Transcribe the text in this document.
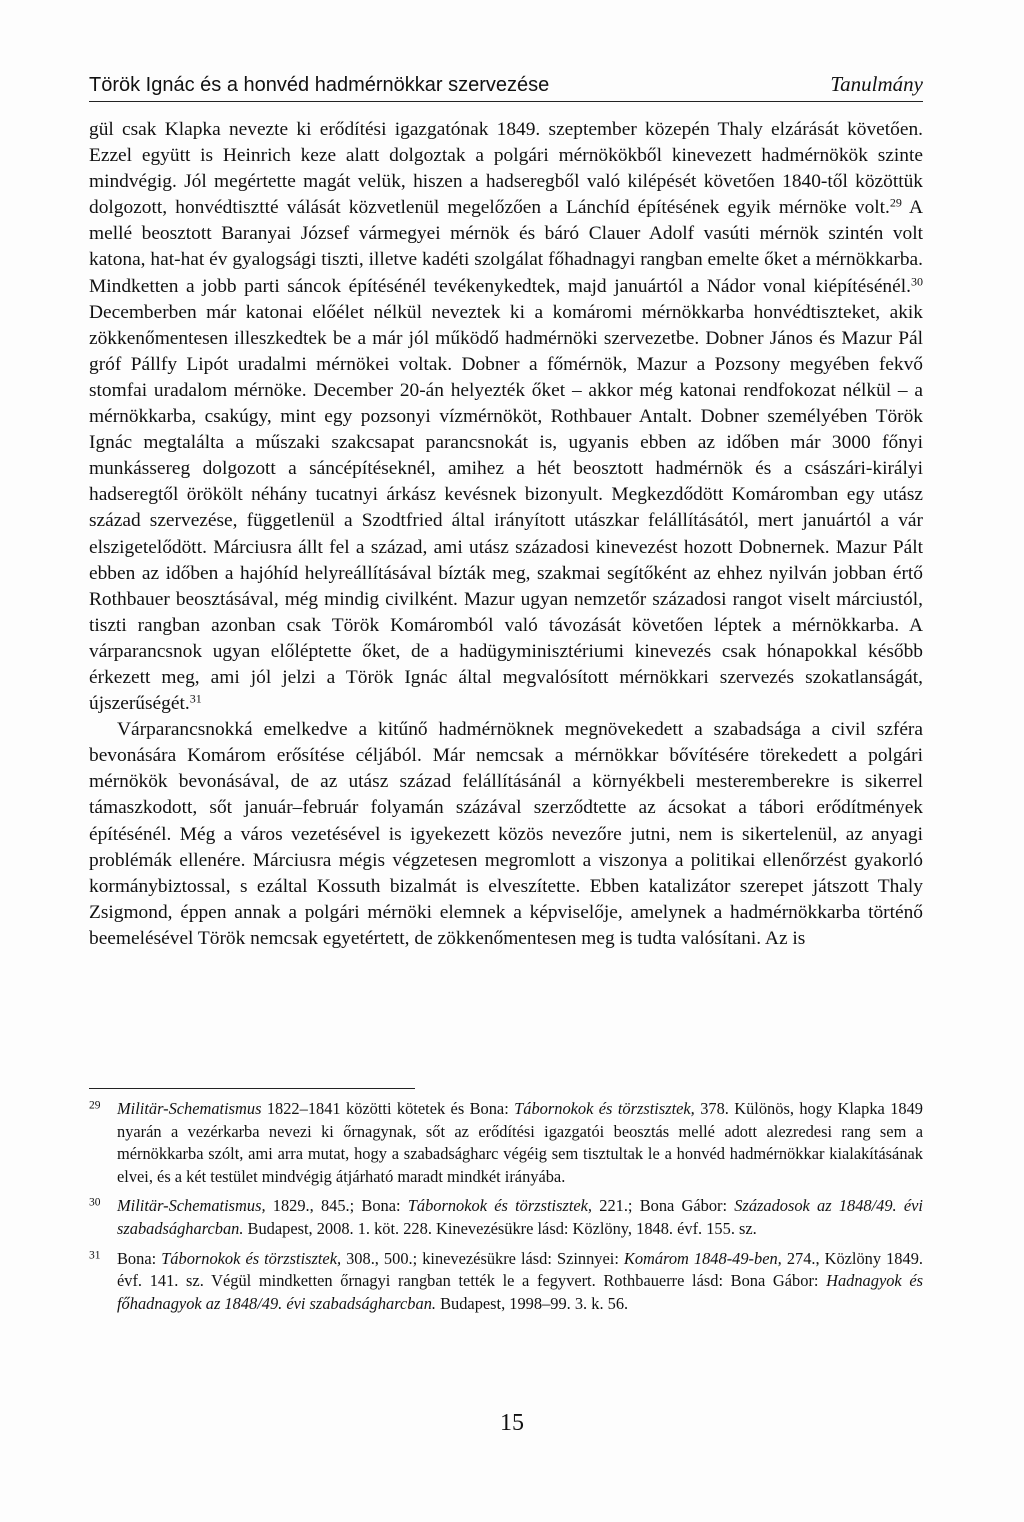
Török Ignác és a honvéd hadmérnökkar szervezése	Tanulmány

gül csak Klapka nevezte ki erődítési igazgatónak 1849. szeptember közepén Thaly elzárását követően. Ezzel együtt is Heinrich keze alatt dolgoztak a polgári mérnökökből kinevezett hadmérnökök szinte mindvégig. Jól megértette magát velük, hiszen a hadseregből való kilépését követően 1840-től közöttük dolgozott, honvédtisztté válását közvetlenül megelőzően a Lánchíd építésének egyik mérnöke volt.$^{29}$ A mellé beosztott Baranyai József vármegyei mérnök és báró Clauer Adolf vasúti mérnök szintén volt katona, hat-hat év gyalogsági tiszti, illetve kadéti szolgálat főhadnagyi rangban emelte őket a mérnökkarba. Mindketten a jobb parti sáncok építésénél tevékenykedtek, majd januártól a Nádor vonal kiépítésénél.$^{30}$ Decemberben már katonai előélet nélkül neveztek ki a komáromi mérnökkarba honvédtiszteket, akik zökkenőmentesen illeszkedtek be a már jól működő hadmérnöki szervezetbe. Dobner János és Mazur Pál gróf Pállfy Lipót uradalmi mérnökei voltak. Dobner a főmérnök, Mazur a Pozsony megyében fekvő stomfai uradalom mérnöke. December 20-án helyezték őket – akkor még katonai rendfokozat nélkül – a mérnökkarba, csakúgy, mint egy pozsonyi vízmérnököt, Rothbauer Antalt. Dobner személyében Török Ignác megtalálta a műszaki szakcsapat parancsnokát is, ugyanis ebben az időben már 3000 főnyi munkássereg dolgozott a sáncépítéseknél, amihez a hét beosztott hadmérnök és a császári-királyi hadseregtől örökölt néhány tucatnyi árkász kevésnek bizonyult. Megkezdődött Komáromban egy utász század szervezése, függetlenül a Szodtfried által irányított utászkar felállításától, mert januártól a vár elszigetelődött. Márciusra állt fel a század, ami utász századosi kinevezést hozott Dobnernek. Mazur Pált ebben az időben a hajóhíd helyreállításával bízták meg, szakmai segítőként az ehhez nyilván jobban értő Rothbauer beosztásával, még mindig civilként. Mazur ugyan nemzetőr századosi rangot viselt márciustól, tiszti rangban azonban csak Török Komáromból való távozását követően léptek a mérnökkarba. A várparancsnok ugyan előléptette őket, de a hadügyminisztériumi kinevezés csak hónapokkal később érkezett meg, ami jól jelzi a Török Ignác által megvalósított mérnökkari szervezés szokatlanságát, újszerűségét.$^{31}$

Várparancsnokká emelkedve a kitűnő hadmérnöknek megnövekedett a szabadsága a civil szféra bevonására Komárom erősítése céljából. Már nemcsak a mérnökkar bővítésére törekedett a polgári mérnökök bevonásával, de az utász század felállításánál a környékbeli mesteremberekre is sikerrel támaszkodott, sőt január–február folyamán százával szerződtette az ácsokat a tábori erődítmények építésénél. Még a város vezetésével is igyekezett közös nevezőre jutni, nem is sikertelenül, az anyagi problémák ellenére. Márciusra mégis végzetesen megromlott a viszonya a politikai ellenőrzést gyakorló kormánybiztossal, s ezáltal Kossuth bizalmát is elveszítette. Ebben katalizátor szerepet játszott Thaly Zsigmond, éppen annak a polgári mérnöki elemnek a képviselője, amelynek a hadmérnökkarba történő beemelésével Török nemcsak egyetértett, de zökkenőmentesen meg is tudta valósítani. Az is

$^{29}$	Militär-Schematismus 1822–1841 közötti kötetek és Bona: Tábornokok és törzstisztek, 378. Különös, hogy Klapka 1849 nyarán a vezérkarba nevezi ki őrnagynak, sőt az erődítési igazgatói beosztás mellé adott alezredesi rang sem a mérnökkarba szólt, ami arra mutat, hogy a szabadságharc végéig sem tisztultak le a honvéd hadmérnökkar kialakításának elvei, és a két testület mindvégig átjárható maradt mindkét irányába.
$^{30}$	Militär-Schematismus, 1829., 845.; Bona: Tábornokok és törzstisztek, 221.; Bona Gábor: Századosok az 1848/49. évi szabadságharcban. Budapest, 2008. 1. köt. 228. Kinevezésükre lásd: Közlöny, 1848. évf. 155. sz.
$^{31}$	Bona: Tábornokok és törzstisztek, 308., 500.; kinevezésükre lásd: Szinnyei: Komárom 1848-49-ben, 274., Közlöny 1849. évf. 141. sz. Végül mindketten őrnagyi rangban tették le a fegyvert. Rothbauerre lásd: Bona Gábor: Hadnagyok és főhadnagyok az 1848/49. évi szabadságharcban. Budapest, 1998–99. 3. k. 56.
15
